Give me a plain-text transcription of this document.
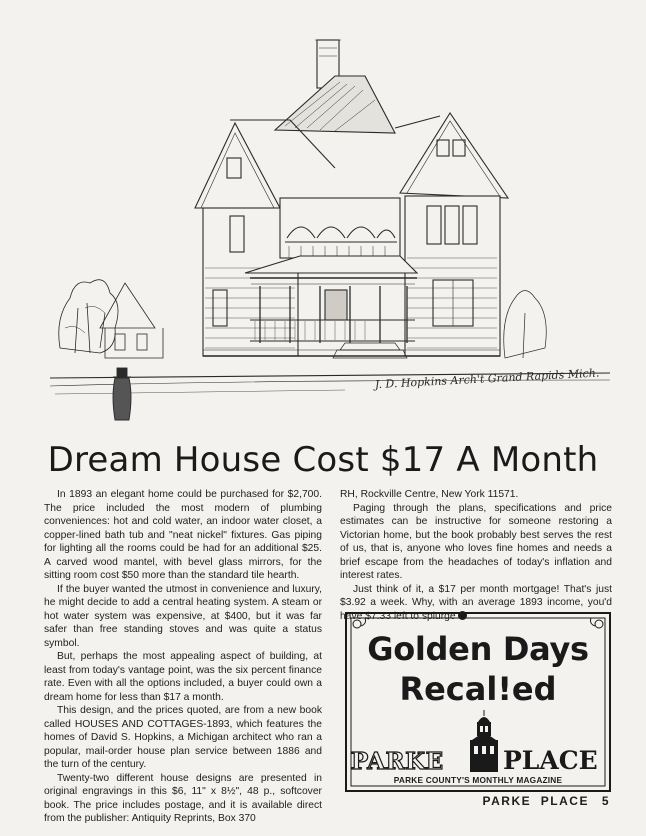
J. D. Hopkins Arch't Grand Rapids Mich.
Dream House Cost $17 A Month

In 1893 an elegant home could be purchased for $2,700. The price included the most modern of plumbing conveniences: hot and cold water, an indoor water closet, a copper-lined bath tub and "neat nickel" fixtures. Gas piping for lighting all the rooms could be had for an additional $25. A carved wood mantel, with bevel glass mirrors, for the sitting room cost $50 more than the standard tile hearth.

If the buyer wanted the utmost in convenience and luxury, he might decide to add a central heating system. A steam or hot water system was expensive, at $400, but it was far safer than free standing stoves and was quite a status symbol.

But, perhaps the most appealing aspect of building, at least from today's vantage point, was the six percent finance rate. Even with all the options included, a buyer could own a dream home for less than $17 a month.

This design, and the prices quoted, are from a new book called HOUSES AND COTTAGES-1893, which features the homes of David S. Hopkins, a Michigan architect who ran a popular, mail-order house plan service between 1886 and the turn of the century.

Twenty-two different house designs are presented in original engravings in this $6, 11" x 8½", 48 p., softcover book. The price includes postage, and it is available direct from the publisher: Antiquity Reprints, Box 370

RH, Rockville Centre, New York 11571.

Paging through the plans, specifications and price estimates can be instructive for someone restoring a Victorian home, but the book probably best serves the rest of us, that is, anyone who loves fine homes and needs a brief escape from the headaches of today's inflation and interest rates.

Just think of it, a $17 per month mortgage! That's just $3.92 a week. Why, with an average 1893 income, you'd have $7.33 left to splurge

Golden Days
Recal!ed
PARKE PLACE
PARKE COUNTY'S MONTHLY MAGAZINE
PARKE  PLACE 5
